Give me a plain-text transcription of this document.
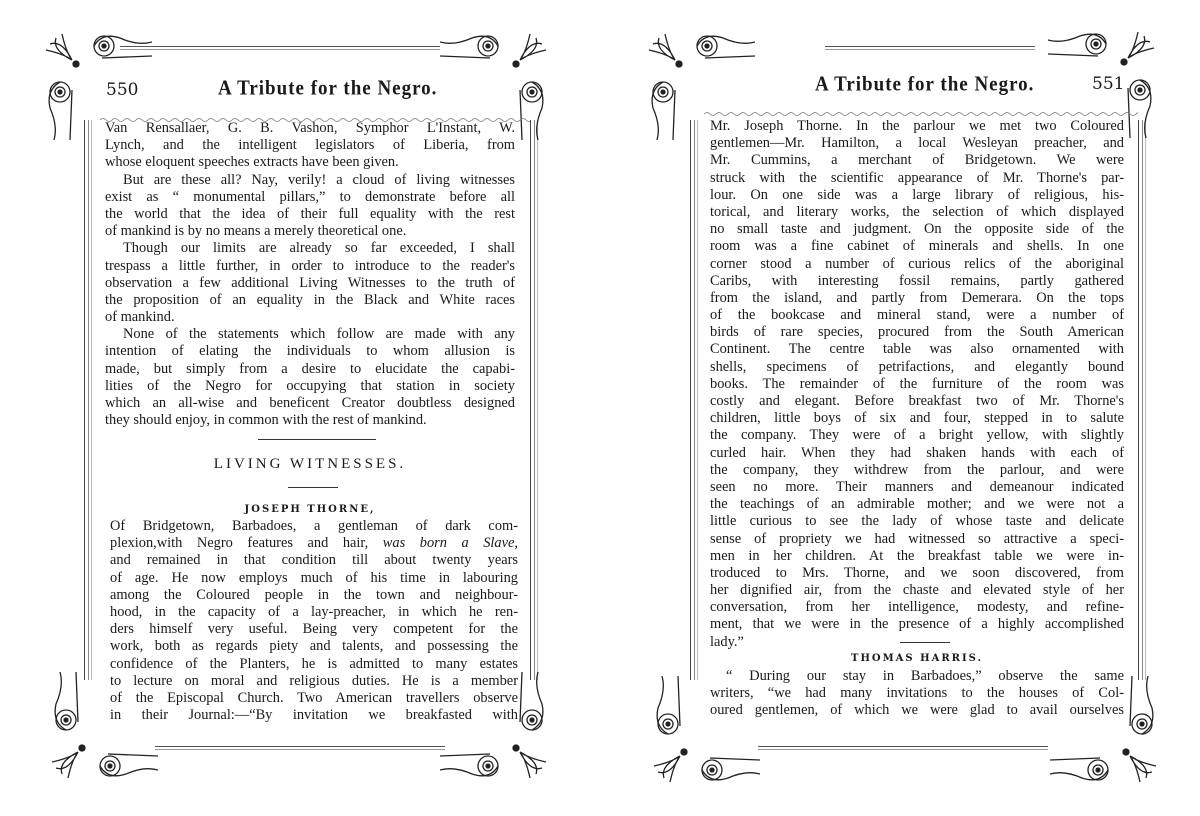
550	A Tribute for the Negro.
Van Rensallaer, G. B. Vashon, Symphor L'Instant, W.
Lynch, and the intelligent legislators of Liberia, from
whose eloquent speeches extracts have been given.
But are these all? Nay, verily! a cloud of living witnesses
exist as “ monumental pillars,” to demonstrate before all
the world that the idea of their full equality with the rest
of mankind is by no means a merely theoretical one.
Though our limits are already so far exceeded, I shall
trespass a little further, in order to introduce to the reader's
observation a few additional Living Witnesses to the truth of
the proposition of an equality in the Black and White races
of mankind.
None of the statements which follow are made with any
intention of elating the individuals to whom allusion is
made, but simply from a desire to elucidate the capabi-
lities of the Negro for occupying that station in society
which an all-wise and beneficent Creator doubtless designed
they should enjoy, in common with the rest of mankind.
LIVING WITNESSES.
JOSEPH THORNE,
Of Bridgetown, Barbadoes, a gentleman of dark com-
plexion,with Negro features and hair, was born a Slave,
and remained in that condition till about twenty years
of age. He now employs much of his time in labouring
among the Coloured people in the town and neighbour-
hood, in the capacity of a lay-preacher, in which he ren-
ders himself very useful. Being very competent for the
work, both as regards piety and talents, and possessing the
confidence of the Planters, he is admitted to many estates
to lecture on moral and religious duties. He is a member
of the Episcopal Church. Two American travellers observe
in their Journal:—“By invitation we breakfasted with
A Tribute for the Negro.	551
Mr. Joseph Thorne. In the parlour we met two Coloured
gentlemen—Mr. Hamilton, a local Wesleyan preacher, and
Mr. Cummins, a merchant of Bridgetown. We were
struck with the scientific appearance of Mr. Thorne's par-
lour. On one side was a large library of religious, his-
torical, and literary works, the selection of which displayed
no small taste and judgment. On the opposite side of the
room was a fine cabinet of minerals and shells. In one
corner stood a number of curious relics of the aboriginal
Caribs, with interesting fossil remains, partly gathered
from the island, and partly from Demerara. On the tops
of the bookcase and mineral stand, were a number of
birds of rare species, procured from the South American
Continent. The centre table was also ornamented with
shells, specimens of petrifactions, and elegantly bound
books. The remainder of the furniture of the room was
costly and elegant. Before breakfast two of Mr. Thorne's
children, little boys of six and four, stepped in to salute
the company. They were of a bright yellow, with slightly
curled hair. When they had shaken hands with each of
the company, they withdrew from the parlour, and were
seen no more. Their manners and demeanour indicated
the teachings of an admirable mother; and we were not a
little curious to see the lady of whose taste and delicate
sense of propriety we had witnessed so attractive a speci-
men in her children. At the breakfast table we were in-
troduced to Mrs. Thorne, and we soon discovered, from
her dignified air, from the chaste and elevated style of her
conversation, from her intelligence, modesty, and refine-
ment, that we were in the presence of a highly accomplished
lady.”
THOMAS HARRIS.
“ During our stay in Barbadoes,” observe the same
writers, “we had many invitations to the houses of Col-
oured gentlemen, of which we were glad to avail ourselves
